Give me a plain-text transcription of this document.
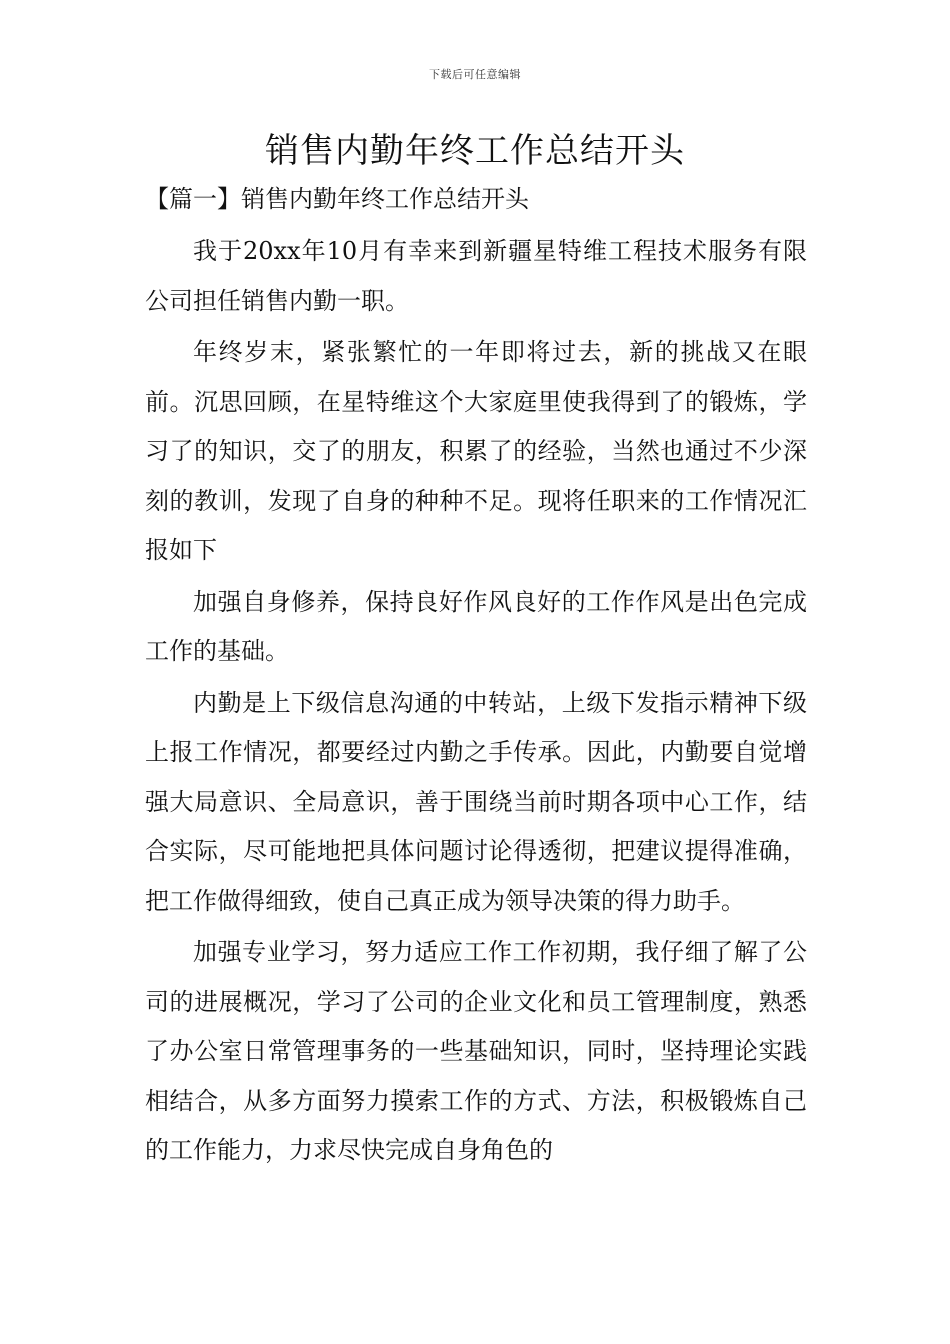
下载后可任意编辑
销售内勤年终工作总结开头

【篇一】销售内勤年终工作总结开头

我于20xx年10月有幸来到新疆星特维工程技术服务有限公司担任销售内勤一职。

年终岁末，紧张繁忙的一年即将过去，新的挑战又在眼前。沉思回顾，在星特维这个大家庭里使我得到了的锻炼，学习了的知识，交了的朋友，积累了的经验，当然也通过不少深刻的教训，发现了自身的种种不足。现将任职来的工作情况汇报如下

加强自身修养，保持良好作风良好的工作作风是出色完成工作的基础。

内勤是上下级信息沟通的中转站，上级下发指示精神下级上报工作情况，都要经过内勤之手传承。因此，内勤要自觉增强大局意识、全局意识，善于围绕当前时期各项中心工作，结合实际，尽可能地把具体问题讨论得透彻，把建议提得准确，把工作做得细致，使自己真正成为领导决策的得力助手。

加强专业学习，努力适应工作工作初期，我仔细了解了公司的进展概况，学习了公司的企业文化和员工管理制度，熟悉了办公室日常管理事务的一些基础知识，同时，坚持理论实践相结合，从多方面努力摸索工作的方式、方法，积极锻炼自己的工作能力，力求尽快完成自身角色的
